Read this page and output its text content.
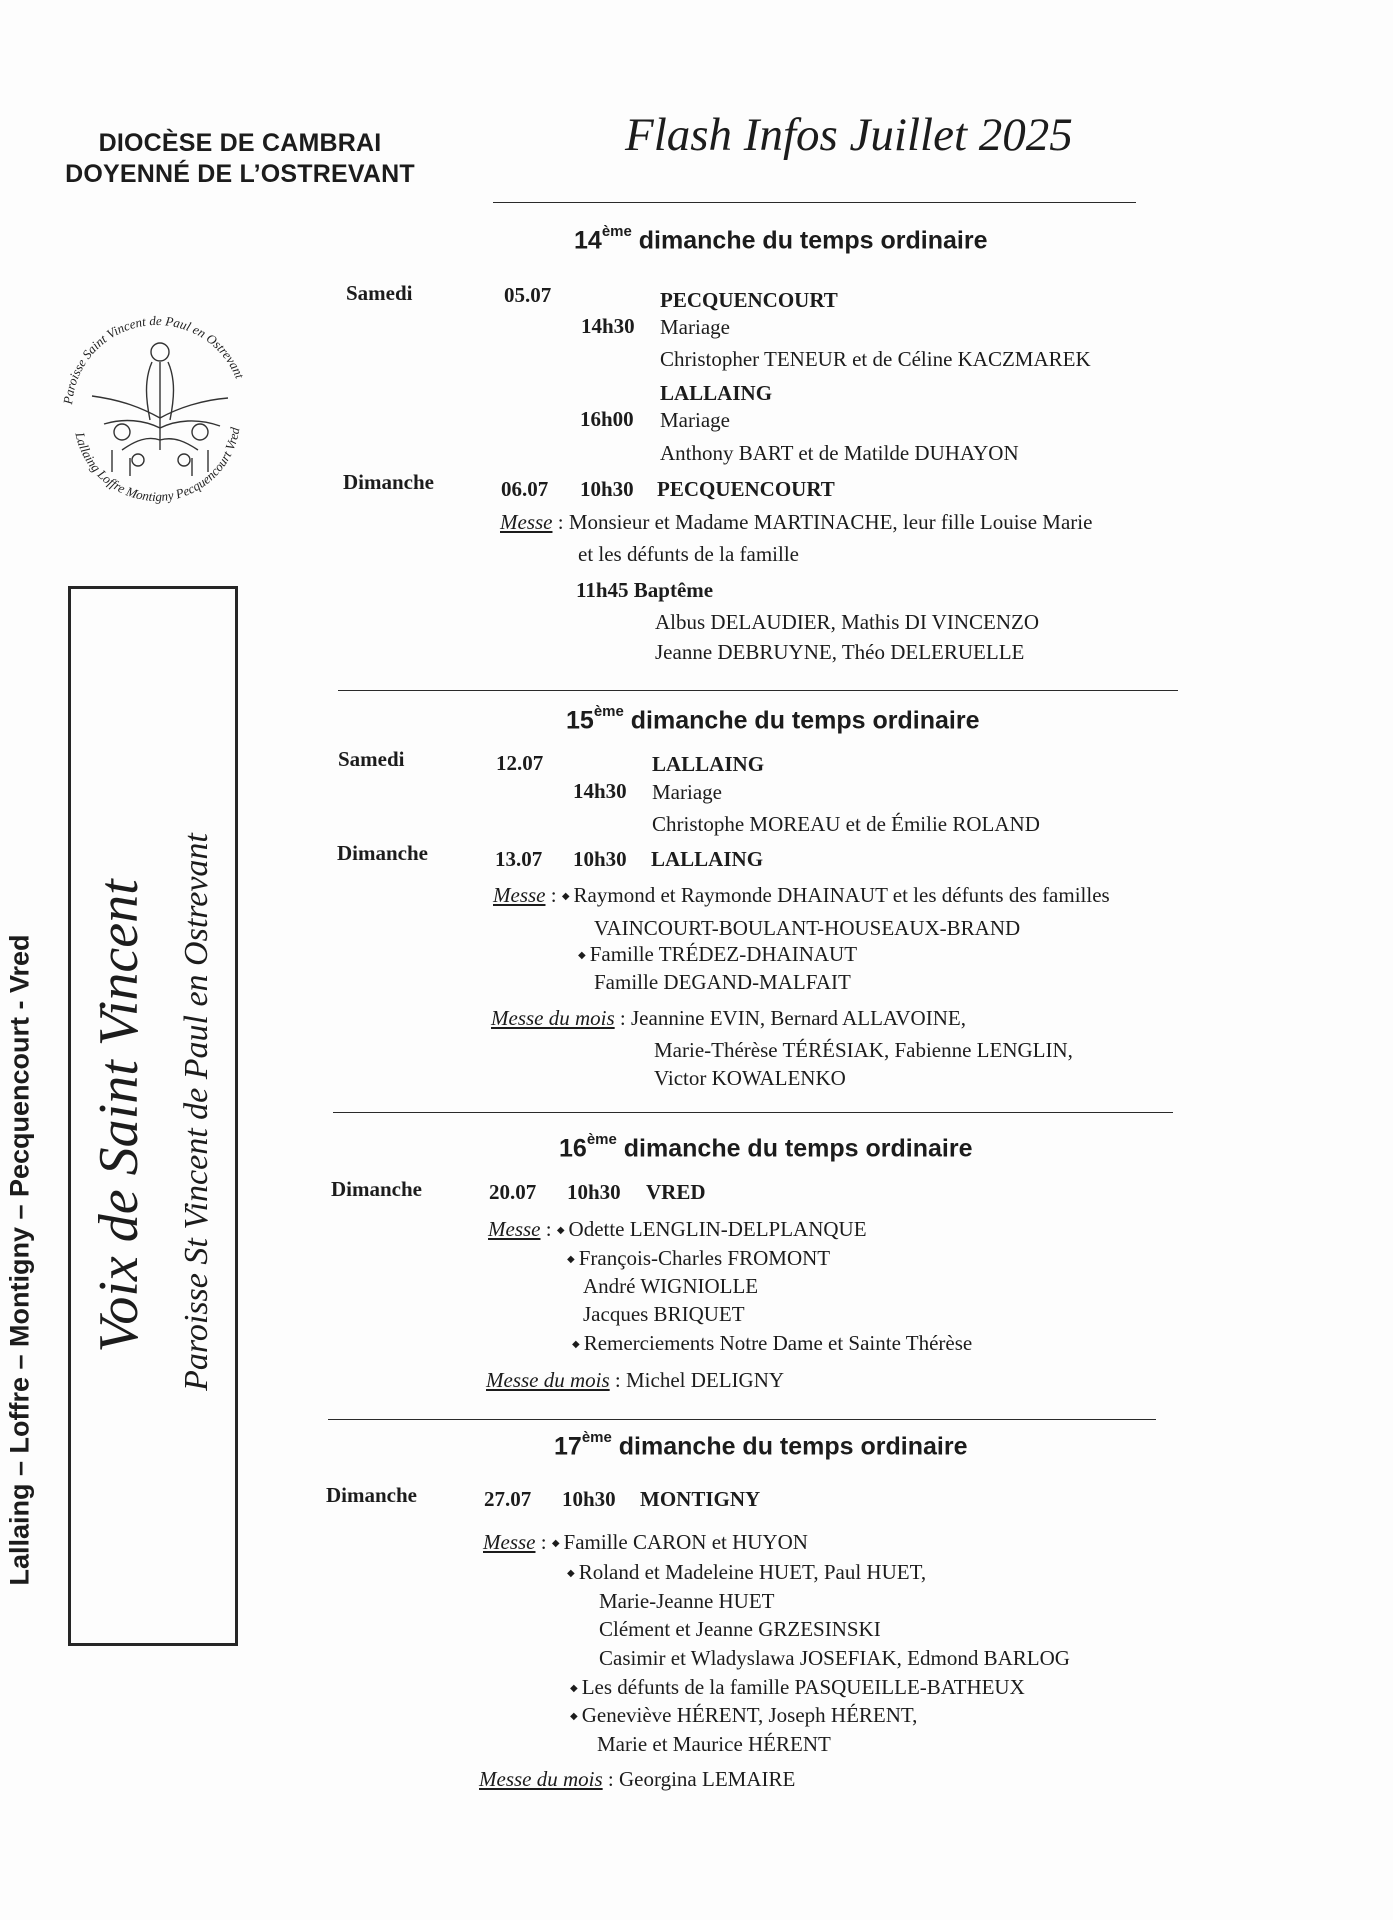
DIOCÈSE DE CAMBRAI
DOYENNÉ DE L’OSTREVANT
Paroisse Saint Vincent de Paul en Ostrevant
Lallaing Loffre Montigny Pecquencourt Vred
Lallaing – Loffre – Montigny – Pecquencourt - Vred Voix de Saint Vincent Paroisse St Vincent de Paul en Ostrevant
Flash Infos Juillet 2025
14ème dimanche du temps ordinaire
Samedi	05.07	PECQUENCOURT
14h30 Mariage
Christopher TENEUR et de Céline KACZMAREK
LALLAING
16h00 Mariage
Anthony BART et de Matilde DUHAYON
Dimanche	06.07 10h30 PECQUENCOURT
Messe : Monsieur et Madame MARTINACHE, leur fille Louise Marie
et les défunts de la famille
11h45 Baptême
Albus DELAUDIER, Mathis DI VINCENZO
Jeanne DEBRUYNE, Théo DELERUELLE
15ème dimanche du temps ordinaire
Samedi	12.07	LALLAING
14h30 Mariage
Christophe MOREAU et de Émilie ROLAND
Dimanche	13.07 10h30 LALLAING
Messe : ◆ Raymond et Raymonde DHAINAUT et les défunts des familles
VAINCOURT-BOULANT-HOUSEAUX-BRAND
◆ Famille TRÉDEZ-DHAINAUT
Famille DEGAND-MALFAIT
Messe du mois : Jeannine EVIN, Bernard ALLAVOINE,
Marie-Thérèse TÉRÉSIAK, Fabienne LENGLIN,
Victor KOWALENKO
16ème dimanche du temps ordinaire
Dimanche	20.07 10h30 VRED
Messe : ◆ Odette LENGLIN-DELPLANQUE
◆ François-Charles FROMONT
André WIGNIOLLE
Jacques BRIQUET
◆ Remerciements Notre Dame et Sainte Thérèse
Messe du mois : Michel DELIGNY
17ème dimanche du temps ordinaire
Dimanche	27.07 10h30 MONTIGNY
Messe : ◆ Famille CARON et HUYON
◆ Roland et Madeleine HUET, Paul HUET,
Marie-Jeanne HUET
Clément et Jeanne GRZESINSKI
Casimir et Wladyslawa JOSEFIAK, Edmond BARLOG
◆ Les défunts de la famille PASQUEILLE-BATHEUX
◆ Geneviève HÉRENT, Joseph HÉRENT,
Marie et Maurice HÉRENT
Messe du mois : Georgina LEMAIRE
